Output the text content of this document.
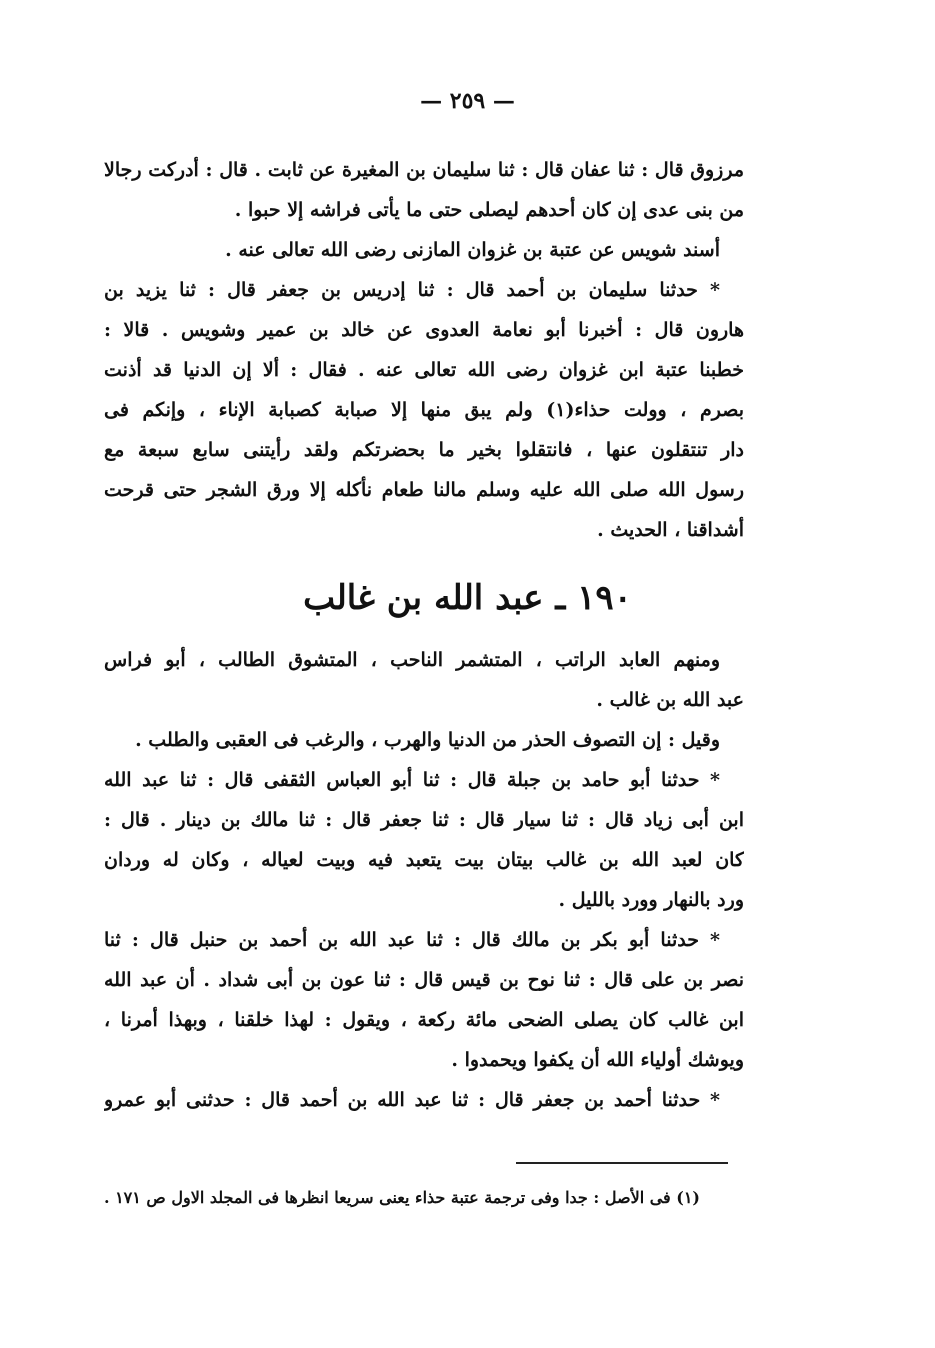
— ٢٥٩ —
مرزوق قال : ثنا عفان قال : ثنا سليمان بن المغيرة عن ثابت . قال : أدركت رجالا
من بنى عدى إن كان أحدهم ليصلى حتى ما يأتى فراشه إلا حبوا .
أسند شويس عن عتبة بن غزوان المازنى رضى الله تعالى عنه .
* حدثنا سليمان بن أحمد قال : ثنا إدريس بن جعفر قال : ثنا يزيد بن
هارون قال : أخبرنا أبو نعامة العدوى عن خالد بن عمير وشويس . قالا :
خطبنا عتبة ابن غزوان رضى الله تعالى عنه . فقال : ألا إن الدنيا قد أذنت
بصرم ، وولت حذاء(١) ولم يبق منها إلا صبابة كصبابة الإناء ، وإنكم فى
دار تنتقلون عنها ، فانتقلوا بخير ما بحضرتكم ولقد رأيتنى سابع سبعة مع
رسول الله صلى الله عليه وسلم مالنا طعام نأكله إلا ورق الشجر حتى قرحت
أشداقنا ، الحديث .
١٩٠ ـ عبد الله بن غالب
ومنهم العابد الراتب ، المتشمر الناحب ، المتشوق الطالب ، أبو فراس
عبد الله بن غالب .
وقيل : إن التصوف الحذر من الدنيا والهرب ، والرغب فى العقبى والطلب .
* حدثنا أبو حامد بن جبلة قال : ثنا أبو العباس الثقفى قال : ثنا عبد الله
ابن أبى زياد قال : ثنا سيار قال : ثنا جعفر قال : ثنا مالك بن دينار . قال :
كان لعبد الله بن غالب بيتان بيت يتعبد فيه وبيت لعياله ، وكان له وردان
ورد بالنهار وورد بالليل .
* حدثنا أبو بكر بن مالك قال : ثنا عبد الله بن أحمد بن حنبل قال : ثنا
نصر بن على قال : ثنا نوح بن قيس قال : ثنا عون بن أبى شداد . أن عبد الله
ابن غالب كان يصلى الضحى مائة ركعة ، ويقول : لهذا خلقنا ، وبهذا أمرنا ،
ويوشك أولياء الله أن يكفوا ويحمدوا .
* حدثنا أحمد بن جعفر قال : ثنا عبد الله بن أحمد قال : حدثنى أبو عمرو
(١) فى الأصل : جدا وفى ترجمة عتبة حذاء يعنى سريعا انظرها فى المجلد الاول ص ١٧١ .
